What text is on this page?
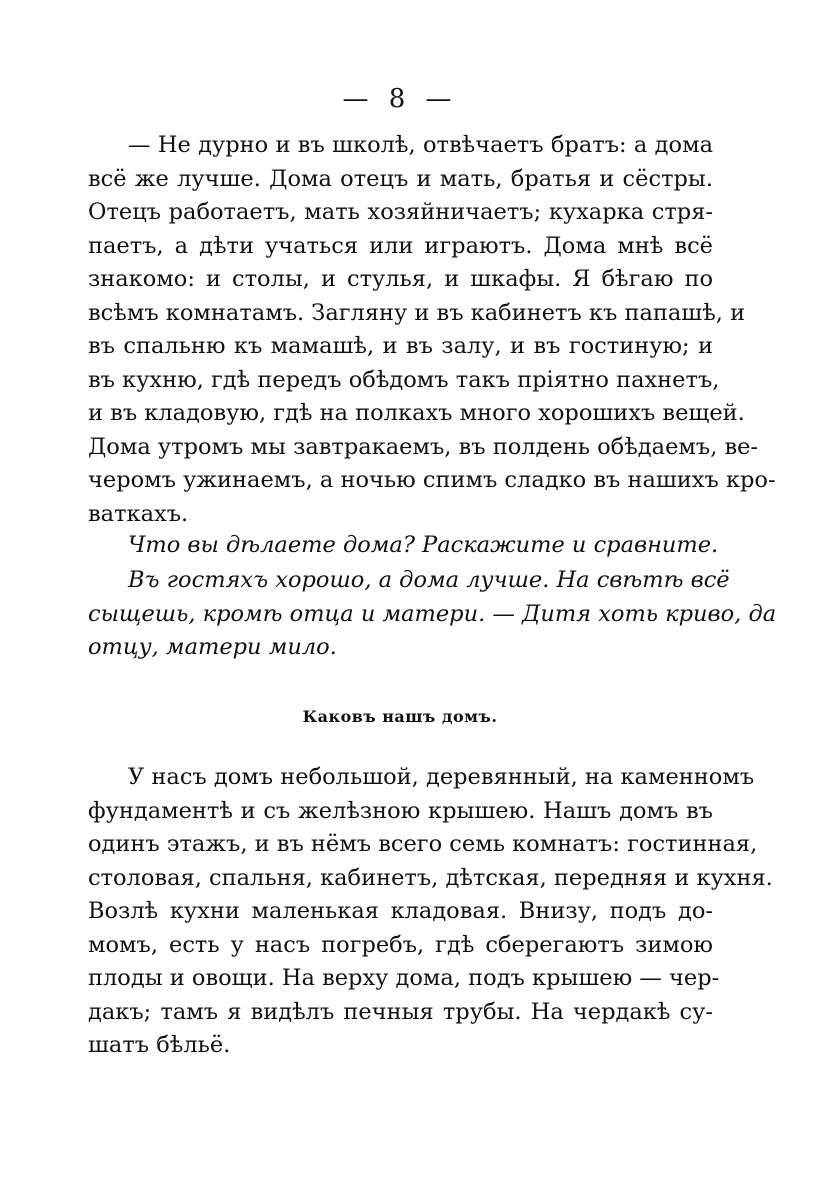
— 8 —

— Не дурно и въ школѣ, отвѣчаетъ братъ: а дома
всё же лучше. Дома отецъ и мать, братья и сёстры.
Отецъ работаетъ, мать хозяйничаетъ; кухарка стря-
паетъ, а дѣти учаться или играютъ. Дома мнѣ всё
знакомо: и столы, и стулья, и шкафы. Я бѣгаю по
всѣмъ комнатамъ. Загляну и въ кабинетъ къ папашѣ, и
въ спальню къ мамашѣ, и въ залу, и въ гостиную; и
въ кухню, гдѣ передъ обѣдомъ такъ пріятно пахнетъ,
и въ кладовую, гдѣ на полкахъ много хорошихъ вещей.
Дома утромъ мы завтракаемъ, въ полдень обѣдаемъ, ве-
черомъ ужинаемъ, а ночью спимъ сладко въ нашихъ кро-
ваткахъ.

Что вы дѣлаете дома? Раскажите и сравните.

Въ гостяхъ хорошо, а дома лучше. На свѣтѣ всё
сыщешь, кромѣ отца и матери. — Дитя хоть криво, да
отцу, матери мило.

Каковъ нашъ домъ.

У насъ домъ небольшой, деревянный, на каменномъ
фундаментѣ и съ желѣзною крышею. Нашъ домъ въ
одинъ этажъ, и въ нёмъ всего семь комнатъ: гостинная,
столовая, спальня, кабинетъ, дѣтская, передняя и кухня.
Возлѣ кухни маленькая кладовая. Внизу, подъ до-
момъ, есть у насъ погребъ, гдѣ сберегаютъ зимою
плоды и овощи. На верху дома, подъ крышею — чер-
дакъ; тамъ я видѣлъ печныя трубы. На чердакѣ су-
шатъ бѣльё.
